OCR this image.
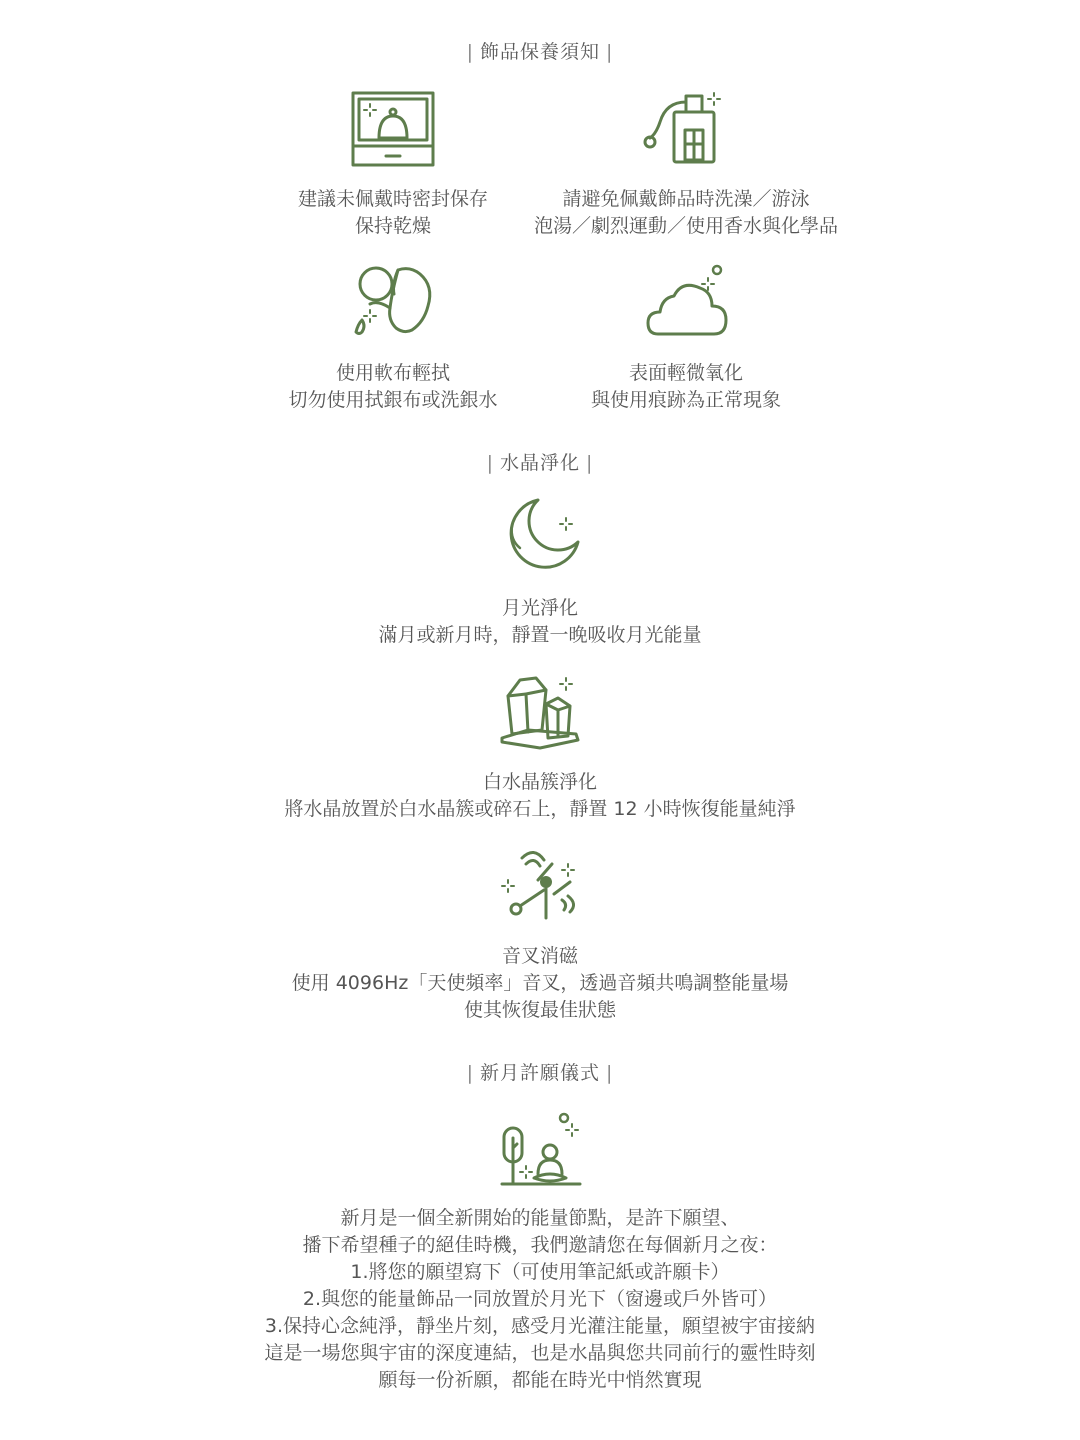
| 飾品保養須知 |
建議未佩戴時密封保存
保持乾燥
請避免佩戴飾品時洗澡／游泳
泡湯／劇烈運動／使用香水與化學品
使用軟布輕拭
切勿使用拭銀布或洗銀水
表面輕微氧化
與使用痕跡為正常現象
| 水晶淨化 |
月光淨化
滿月或新月時，靜置一晚吸收月光能量
白水晶簇淨化
將水晶放置於白水晶簇或碎石上，靜置 12 小時恢復能量純淨
音叉消磁
使用 4096Hz「天使頻率」音叉，透過音頻共鳴調整能量場
使其恢復最佳狀態
| 新月許願儀式 |
新月是一個全新開始的能量節點，是許下願望、
播下希望種子的絕佳時機，我們邀請您在每個新月之夜：
1.將您的願望寫下（可使用筆記紙或許願卡）
2.與您的能量飾品一同放置於月光下（窗邊或戶外皆可）
3.保持心念純淨，靜坐片刻，感受月光灌注能量，願望被宇宙接納
這是一場您與宇宙的深度連結，也是水晶與您共同前行的靈性時刻
願每一份祈願，都能在時光中悄然實現
